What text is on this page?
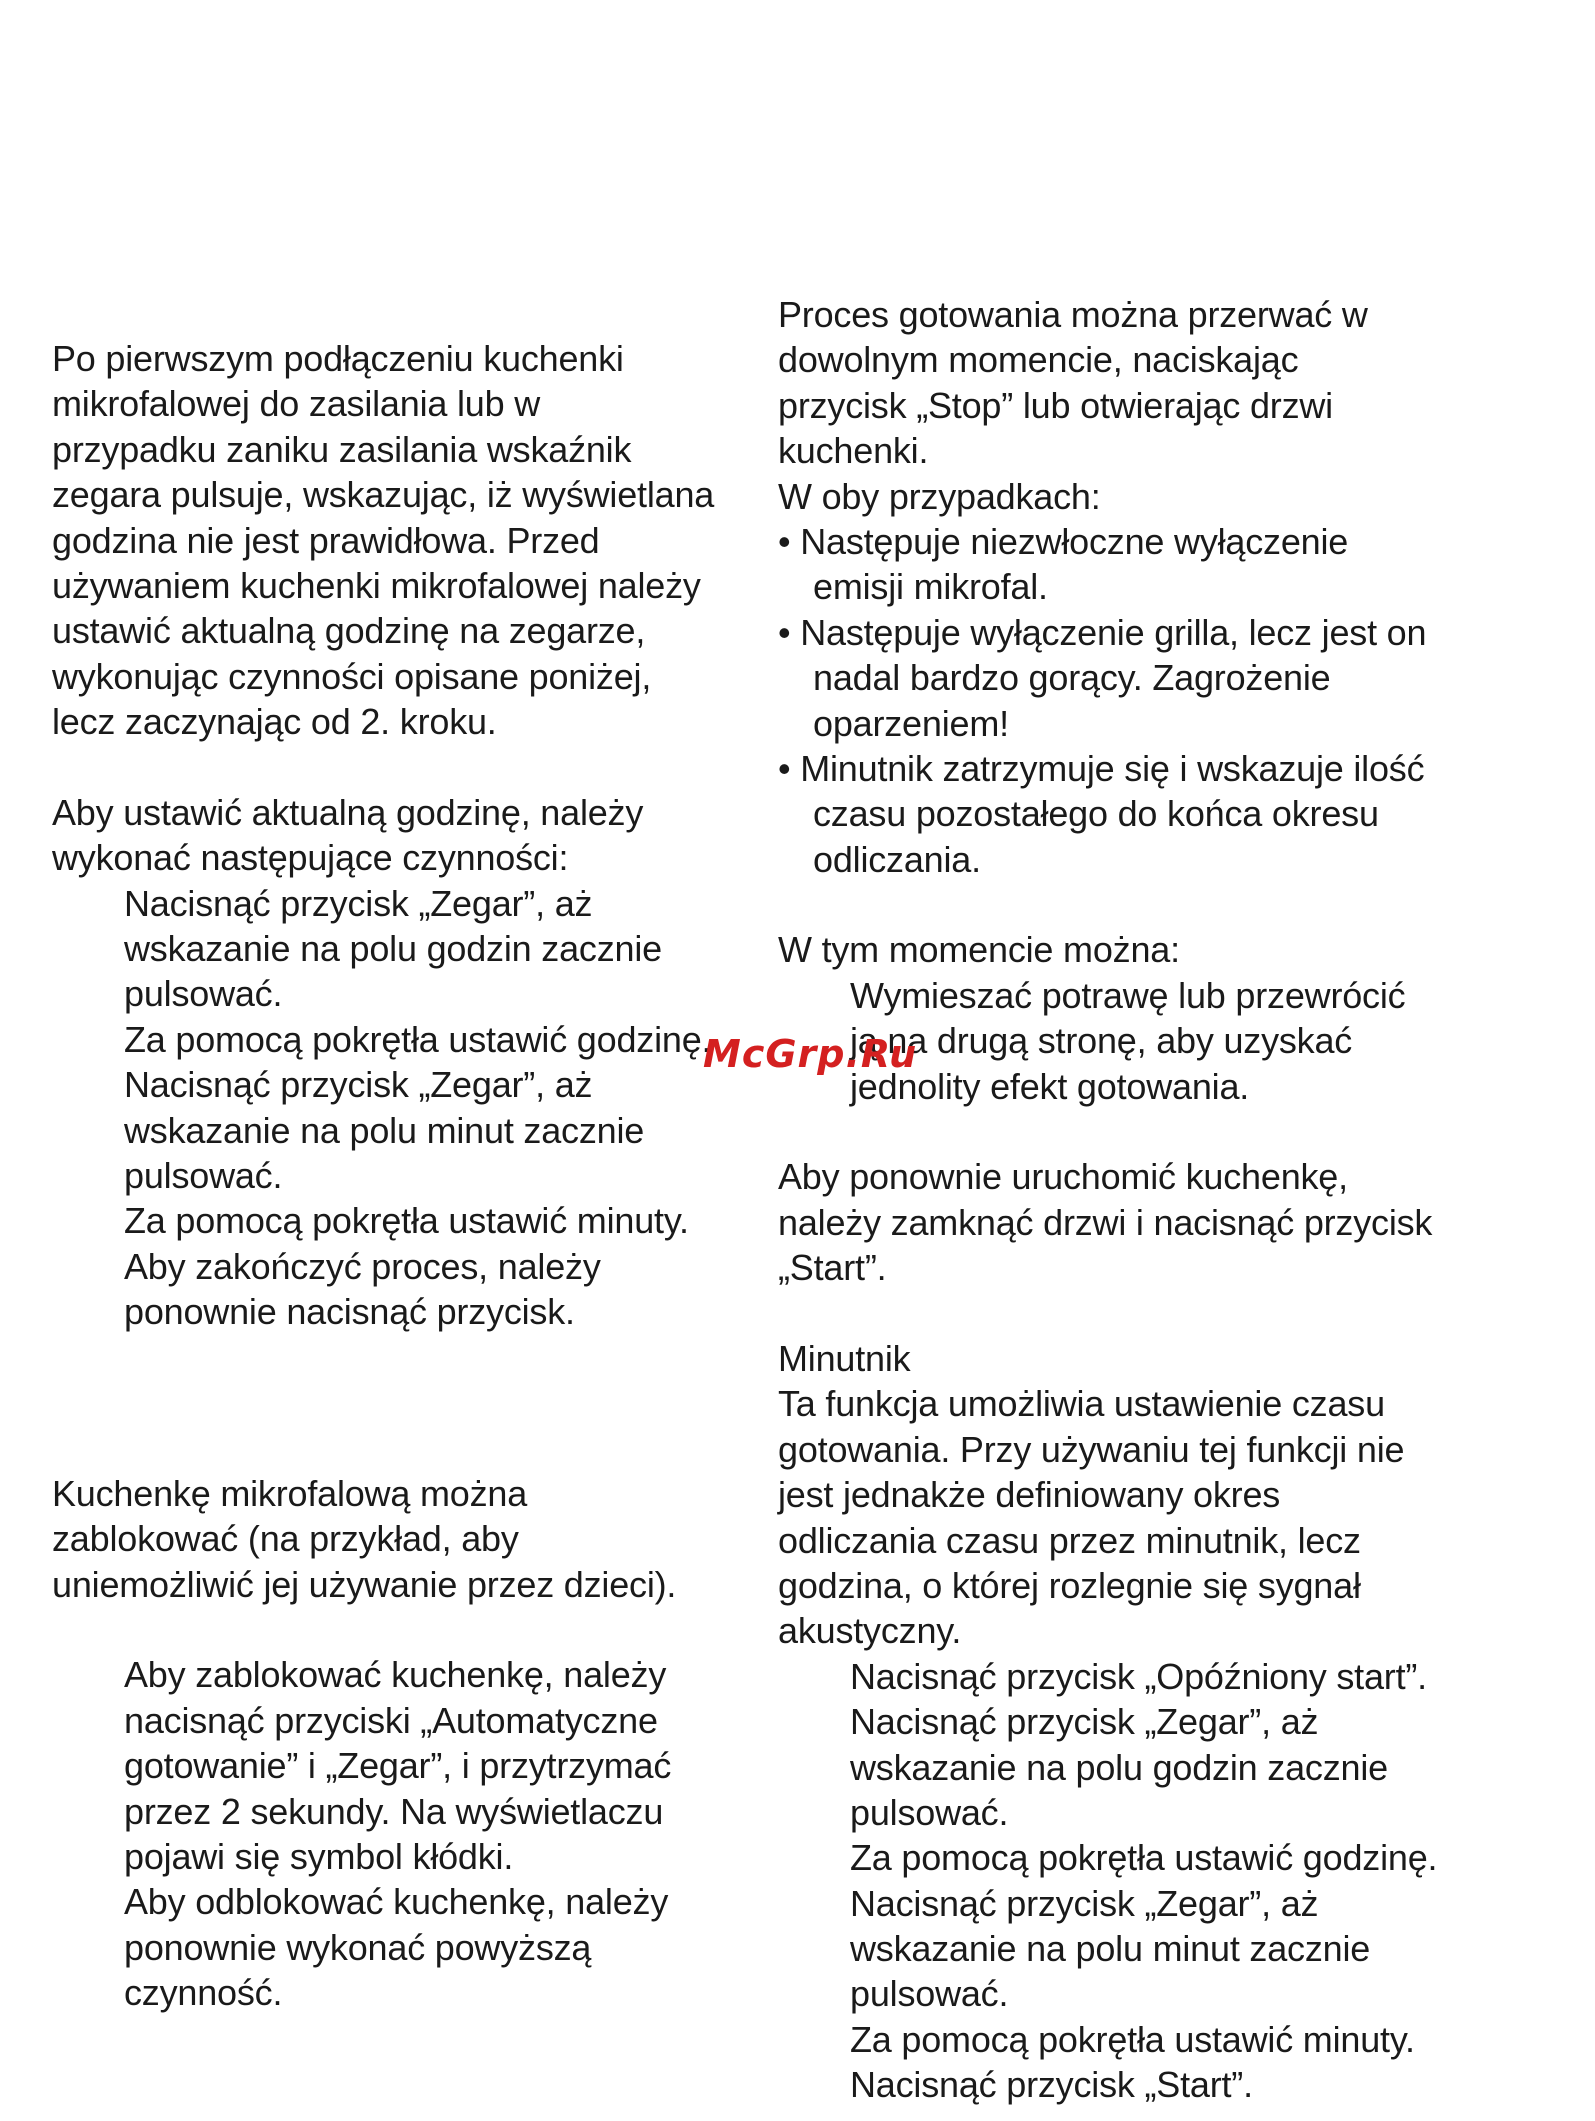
Po pierwszym podłączeniu kuchenki
mikrofalowej do zasilania lub w
przypadku zaniku zasilania wskaźnik
zegara pulsuje, wskazując, iż wyświetlana
godzina nie jest prawidłowa. Przed
używaniem kuchenki mikrofalowej należy
ustawić aktualną godzinę na zegarze,
wykonując czynności opisane poniżej,
lecz zaczynając od 2. kroku.
Aby ustawić aktualną godzinę, należy
wykonać następujące czynności:
Nacisnąć przycisk „Zegar”, aż
wskazanie na polu godzin zacznie
pulsować.
Za pomocą pokrętła ustawić godzinę.
Nacisnąć przycisk „Zegar”, aż
wskazanie na polu minut zacznie
pulsować.
Za pomocą pokrętła ustawić minuty.
Aby zakończyć proces, należy
ponownie nacisnąć przycisk.
Kuchenkę mikrofalową można
zablokować (na przykład, aby
uniemożliwić jej używanie przez dzieci).
Aby zablokować kuchenkę, należy
nacisnąć przyciski „Automatyczne
gotowanie” i „Zegar”, i przytrzymać
przez 2 sekundy. Na wyświetlaczu
pojawi się symbol kłódki.
Aby odblokować kuchenkę, należy
ponownie wykonać powyższą
czynność.
Proces gotowania można przerwać w
dowolnym momencie, naciskając
przycisk „Stop” lub otwierając drzwi
kuchenki.
W oby przypadkach:
• Następuje niezwłoczne wyłączenie
emisji mikrofal.
• Następuje wyłączenie grilla, lecz jest on
nadal bardzo gorący. Zagrożenie
oparzeniem!
• Minutnik zatrzymuje się i wskazuje ilość
czasu pozostałego do końca okresu
odliczania.
W tym momencie można:
Wymieszać potrawę lub przewrócić
ją na drugą stronę, aby uzyskać
jednolity efekt gotowania.
Aby ponownie uruchomić kuchenkę,
należy zamknąć drzwi i nacisnąć przycisk
„Start”.
Minutnik
Ta funkcja umożliwia ustawienie czasu
gotowania. Przy używaniu tej funkcji nie
jest jednakże definiowany okres
odliczania czasu przez minutnik, lecz
godzina, o której rozlegnie się sygnał
akustyczny.
Nacisnąć przycisk „Opóźniony start”.
Nacisnąć przycisk „Zegar”, aż
wskazanie na polu godzin zacznie
pulsować.
Za pomocą pokrętła ustawić godzinę.
Nacisnąć przycisk „Zegar”, aż
wskazanie na polu minut zacznie
pulsować.
Za pomocą pokrętła ustawić minuty.
Nacisnąć przycisk „Start”.
McGrp.Ru
